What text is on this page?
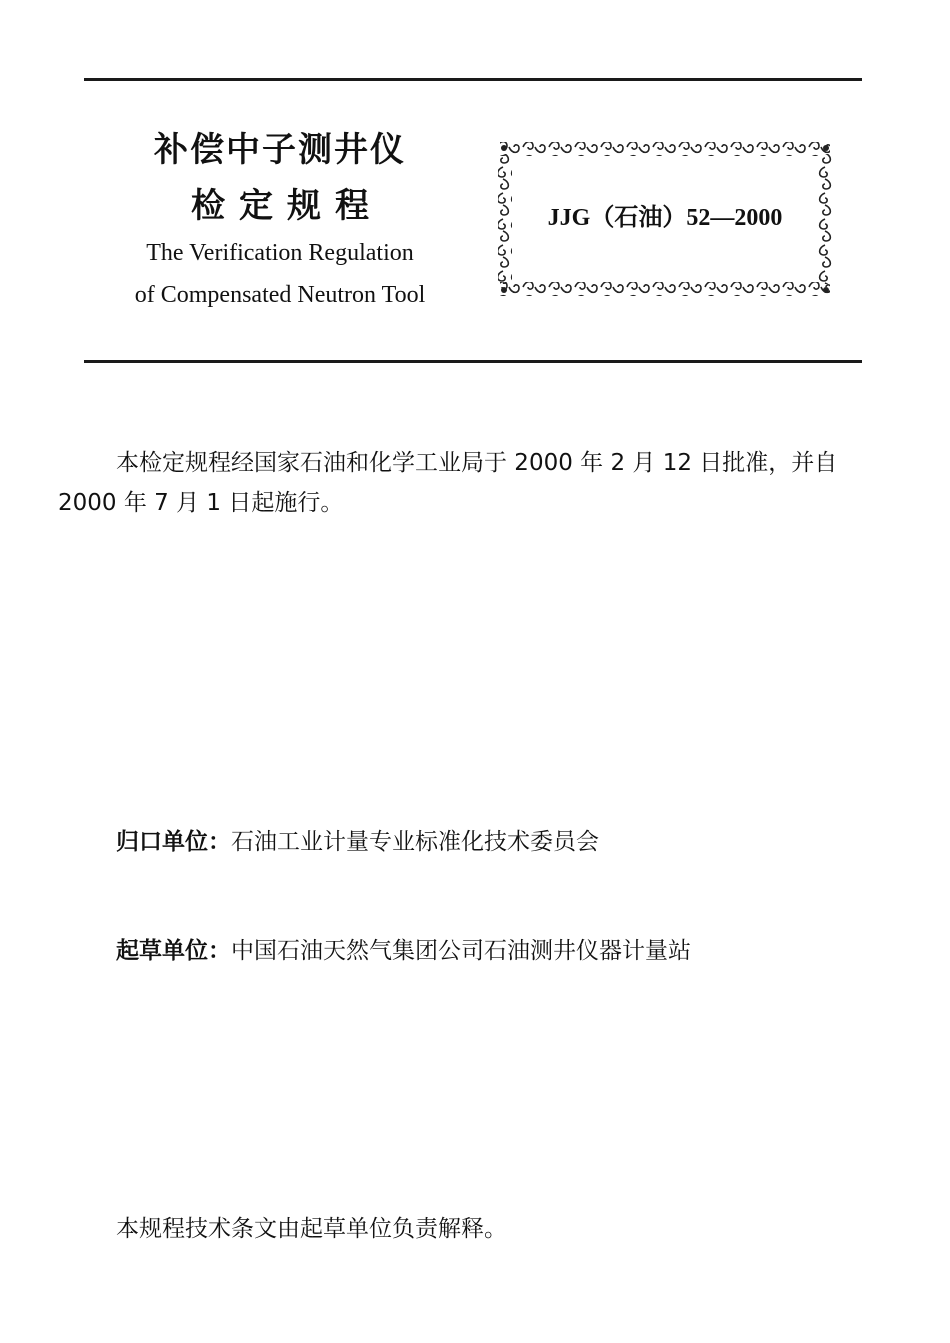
补偿中子测井仪
检定规程
The Verification Regulation
of Compensated Neutron Tool
JJG（石油）52—2000

本检定规程经国家石油和化学工业局于 2000 年 2 月 12 日批准，并自 2000 年 7 月 1 日起施行。

归口单位：石油工业计量专业标准化技术委员会

起草单位：中国石油天然气集团公司石油测井仪器计量站

本规程技术条文由起草单位负责解释。
